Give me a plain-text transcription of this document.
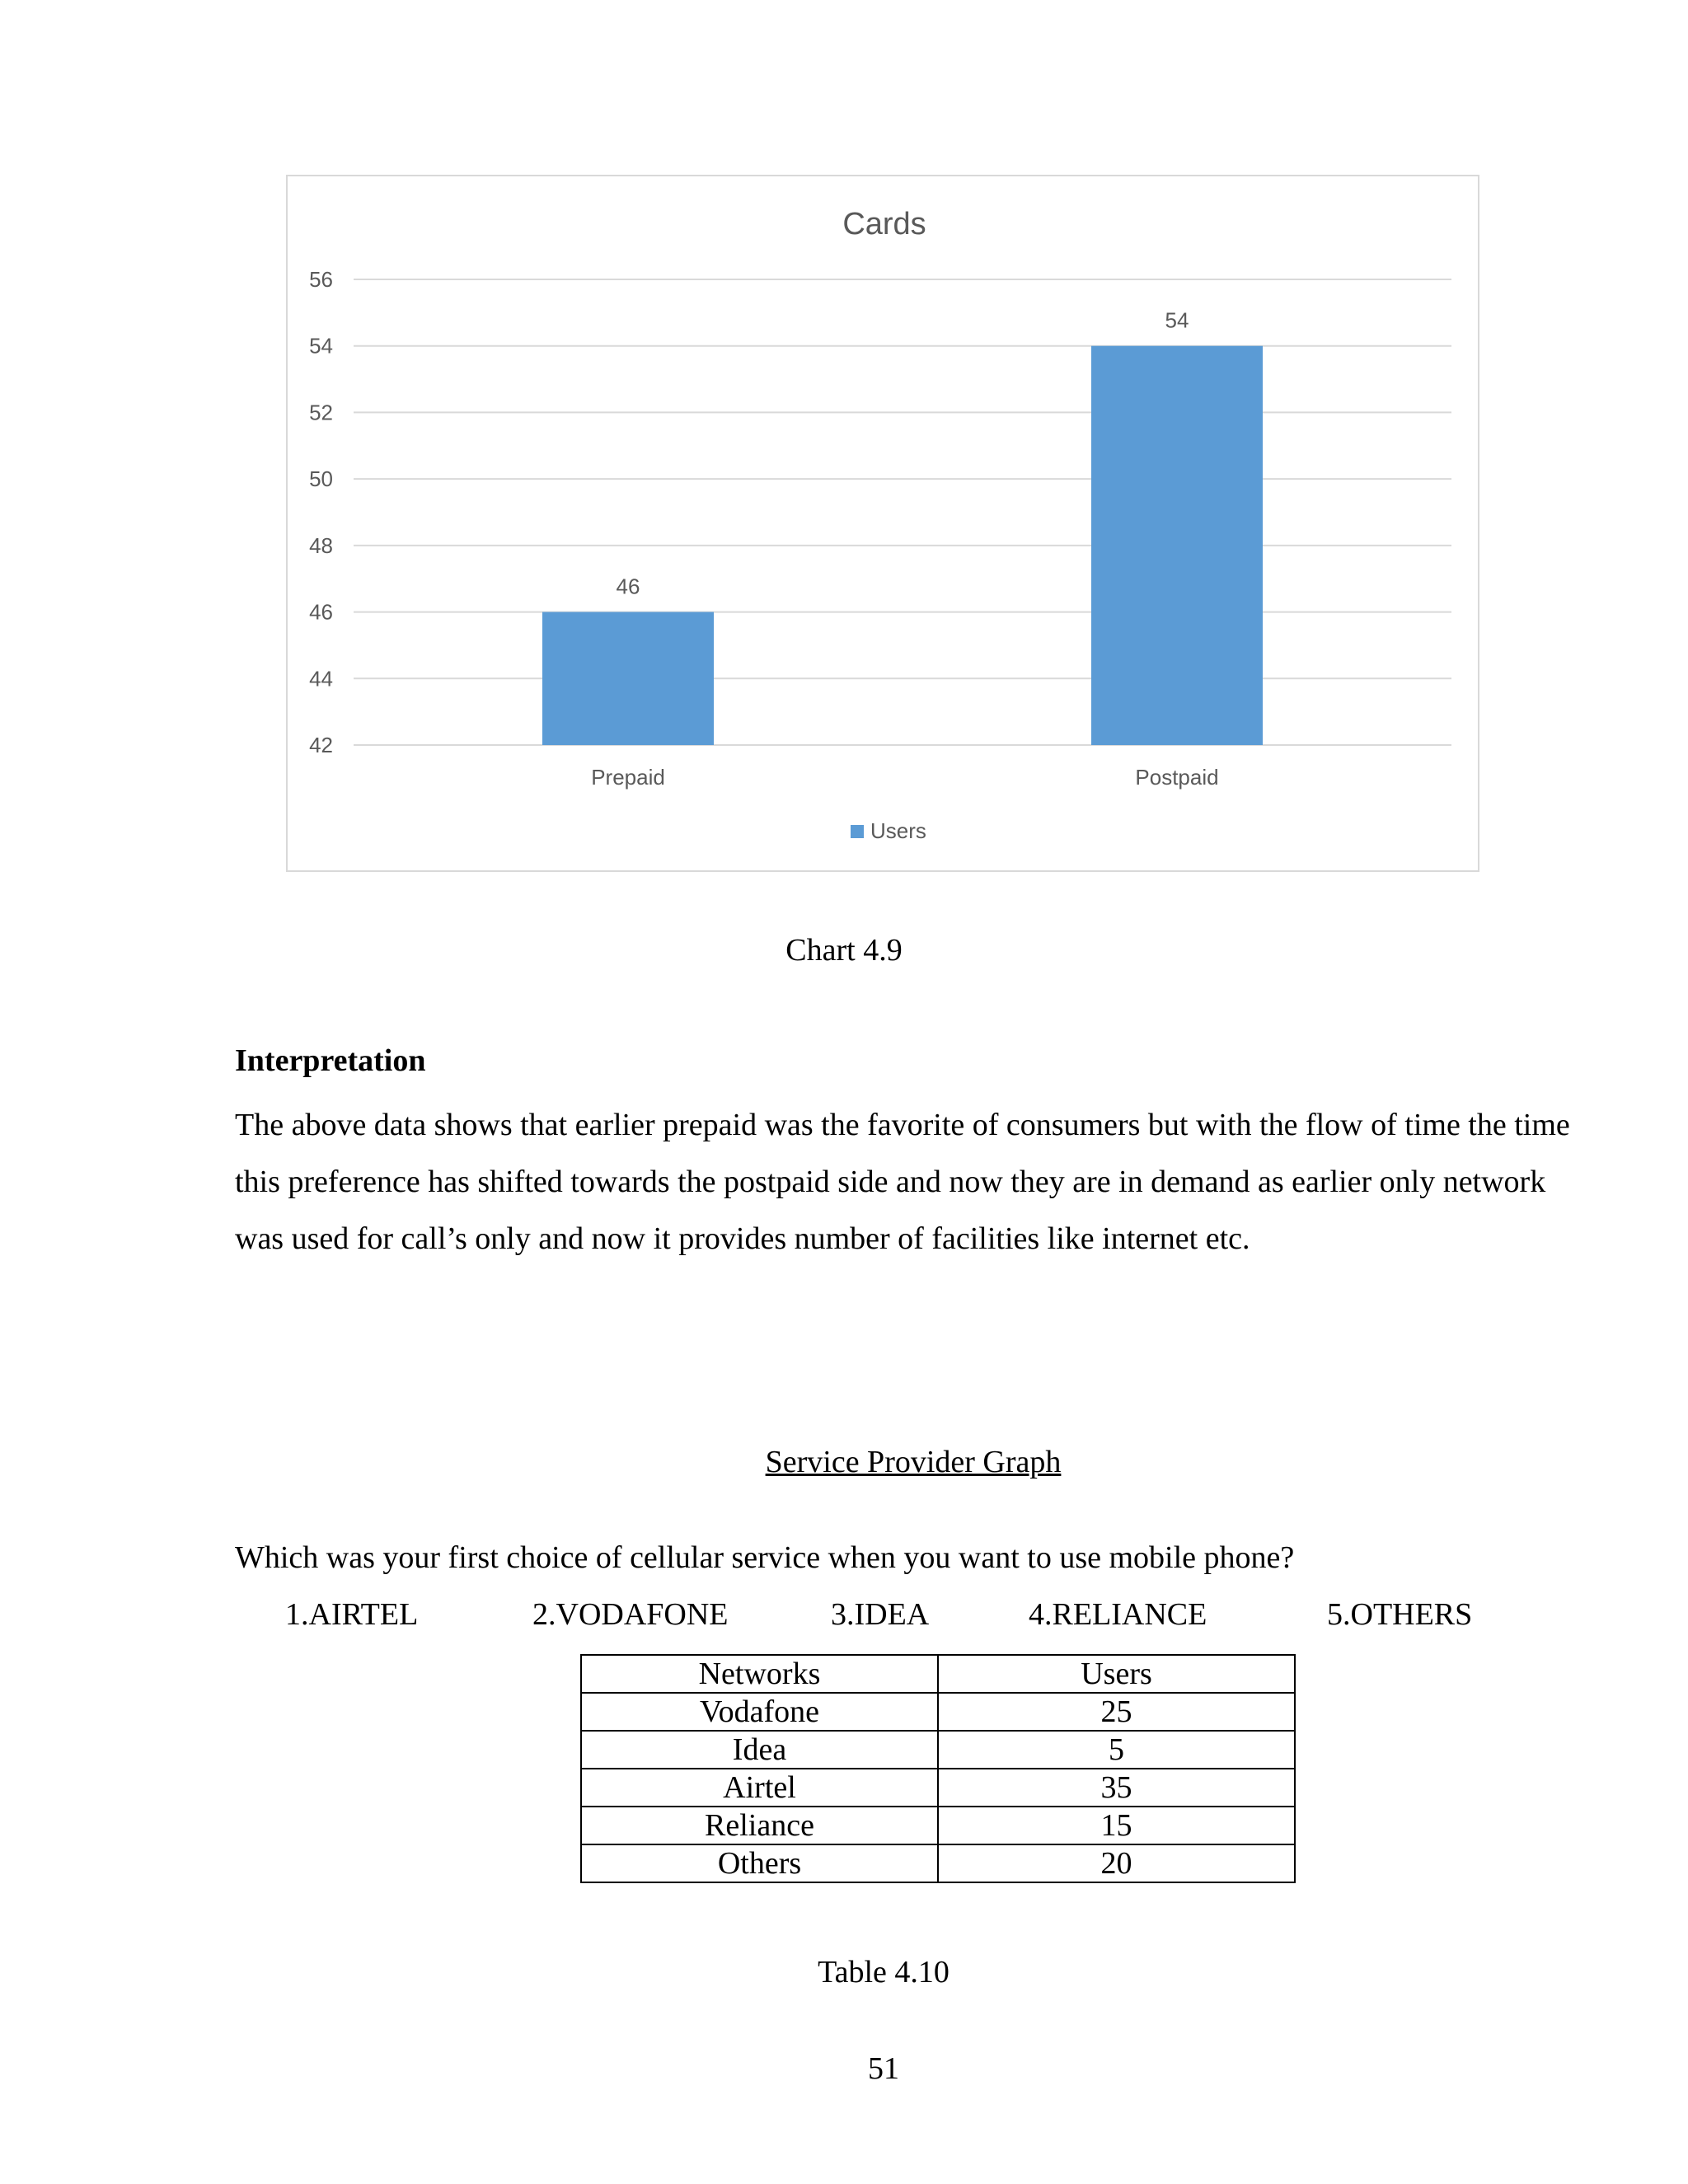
Cards
42
44
46
48
50
52
54
56
46
Prepaid
54
Postpaid
Users
Chart 4.9
Interpretation
The above data shows that earlier prepaid was the favorite of consumers but with the flow of time the time this preference has shifted towards the postpaid side and now they are in demand as earlier only network was used for call’s only and now it provides number of facilities like internet etc.
Service Provider Graph
Which was your first choice of cellular service when you want to use mobile phone?
1.AIRTEL	2.VODAFONE	3.IDEA	4.RELIANCE	5.OTHERS
Networks	Users
Vodafone	25
Idea	5
Airtel	35
Reliance	15
Others	20
Table 4.10
51
